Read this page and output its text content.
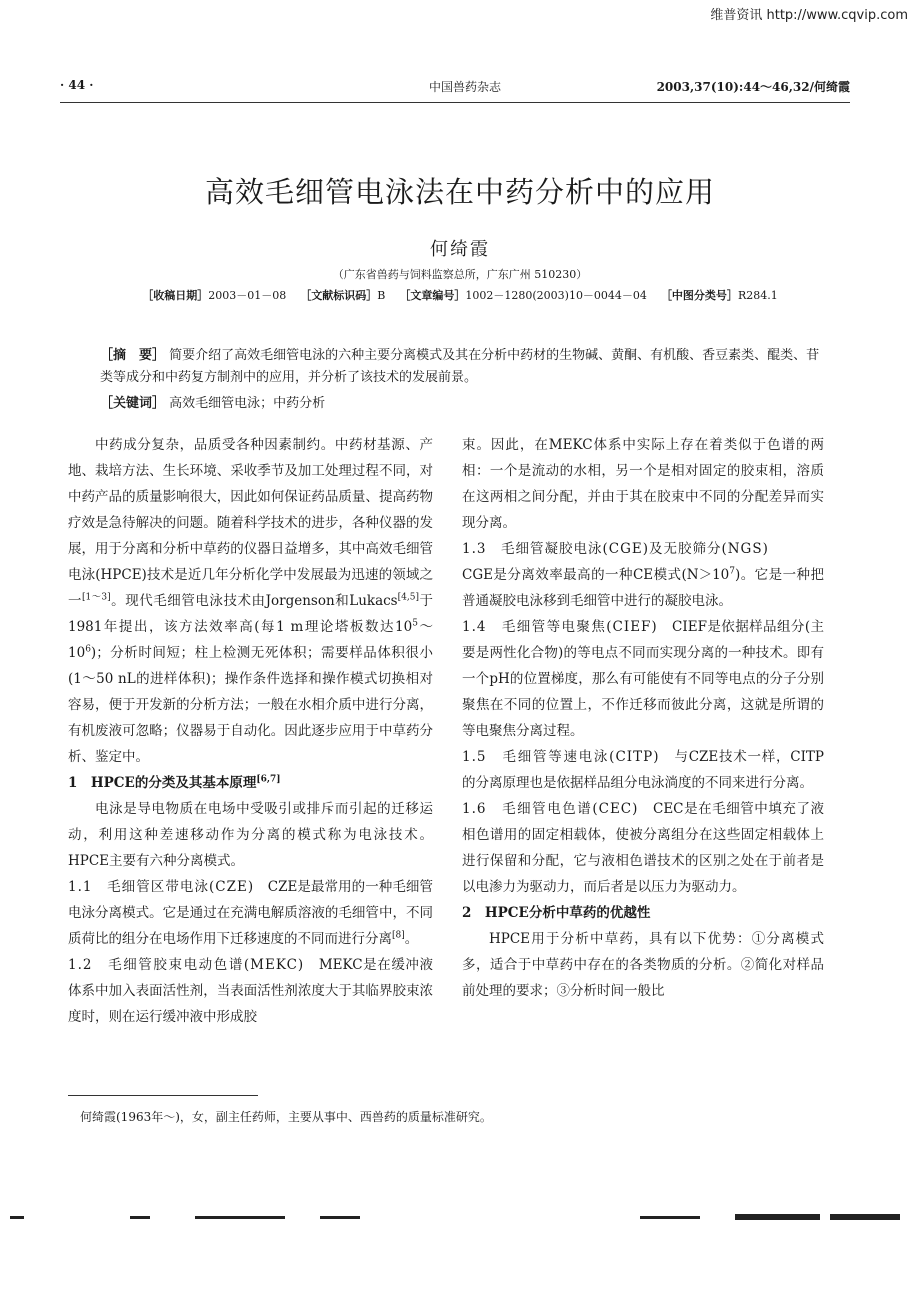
维普资讯 http://www.cqvip.com
· 44 ·	中国兽药杂志	2003,37(10):44～46,32/何绮霞
高效毛细管电泳法在中药分析中的应用
何绮霞
（广东省兽药与饲料监察总所，广东广州 510230）
［收稿日期］2003－01－08 ［文献标识码］B ［文章编号］1002－1280(2003)10－0044－04 ［中图分类号］R284.1
［摘　要］ 简要介绍了高效毛细管电泳的六种主要分离模式及其在分析中药材的生物碱、黄酮、有机酸、香豆素类、醌类、苷类等成分和中药复方制剂中的应用，并分析了该技术的发展前景。
［关键词］ 高效毛细管电泳；中药分析

中药成分复杂，品质受各种因素制约。中药材基源、产地、栽培方法、生长环境、采收季节及加工处理过程不同，对中药产品的质量影响很大，因此如何保证药品质量、提高药物疗效是急待解决的问题。随着科学技术的进步，各种仪器的发展，用于分离和分析中草药的仪器日益增多，其中高效毛细管电泳(HPCE)技术是近几年分析化学中发展最为迅速的领域之一[1～3]。现代毛细管电泳技术由Jorgenson和Lukacs[4,5]于1981年提出，该方法效率高(每1 m理论塔板数达$10^5\sim 10^6$)；分析时间短；柱上检测无死体积；需要样品体积很小(1～50 nL的进样体积)；操作条件选择和操作模式切换相对容易，便于开发新的分析方法；一般在水相介质中进行分离，有机废液可忽略；仪器易于自动化。因此逐步应用于中草药分析、鉴定中。

1　HPCE的分类及其基本原理[6,7]

电泳是导电物质在电场中受吸引或排斥而引起的迁移运动，利用这种差速移动作为分离的模式称为电泳技术。HPCE主要有六种分离模式。

1.1　毛细管区带电泳(CZE)　CZE是最常用的一种毛细管电泳分离模式。它是通过在充满电解质溶液的毛细管中，不同质荷比的组分在电场作用下迁移速度的不同而进行分离[8]。

1.2　毛细管胶束电动色谱(MEKC)　MEKC是在缓冲液体系中加入表面活性剂，当表面活性剂浓度大于其临界胶束浓度时，则在运行缓冲液中形成胶

束。因此，在MEKC体系中实际上存在着类似于色谱的两相：一个是流动的水相，另一个是相对固定的胶束相，溶质在这两相之间分配，并由于其在胶束中不同的分配差异而实现分离。

1.3　毛细管凝胶电泳(CGE)及无胶筛分(NGS)
CGE是分离效率最高的一种CE模式$(N>10^7)$。它是一种把普通凝胶电泳移到毛细管中进行的凝胶电泳。

1.4　毛细管等电聚焦(CIEF)　CIEF是依据样品组分(主要是两性化合物)的等电点不同而实现分离的一种技术。即有一个pH的位置梯度，那么有可能使有不同等电点的分子分别聚焦在不同的位置上，不作迁移而彼此分离，这就是所谓的等电聚焦分离过程。

1.5　毛细管等速电泳(CITP)　与CZE技术一样，CITP的分离原理也是依据样品组分电泳淌度的不同来进行分离。

1.6　毛细管电色谱(CEC)　CEC是在毛细管中填充了液相色谱用的固定相载体，使被分离组分在这些固定相载体上进行保留和分配，它与液相色谱技术的区别之处在于前者是以电渗力为驱动力，而后者是以压力为驱动力。

2　HPCE分析中草药的优越性

HPCE用于分析中草药，具有以下优势：①分离模式多，适合于中草药中存在的各类物质的分析。②简化对样品前处理的要求；③分析时间一般比

何绮霞(1963年～)，女，副主任药师，主要从事中、西兽药的质量标准研究。
